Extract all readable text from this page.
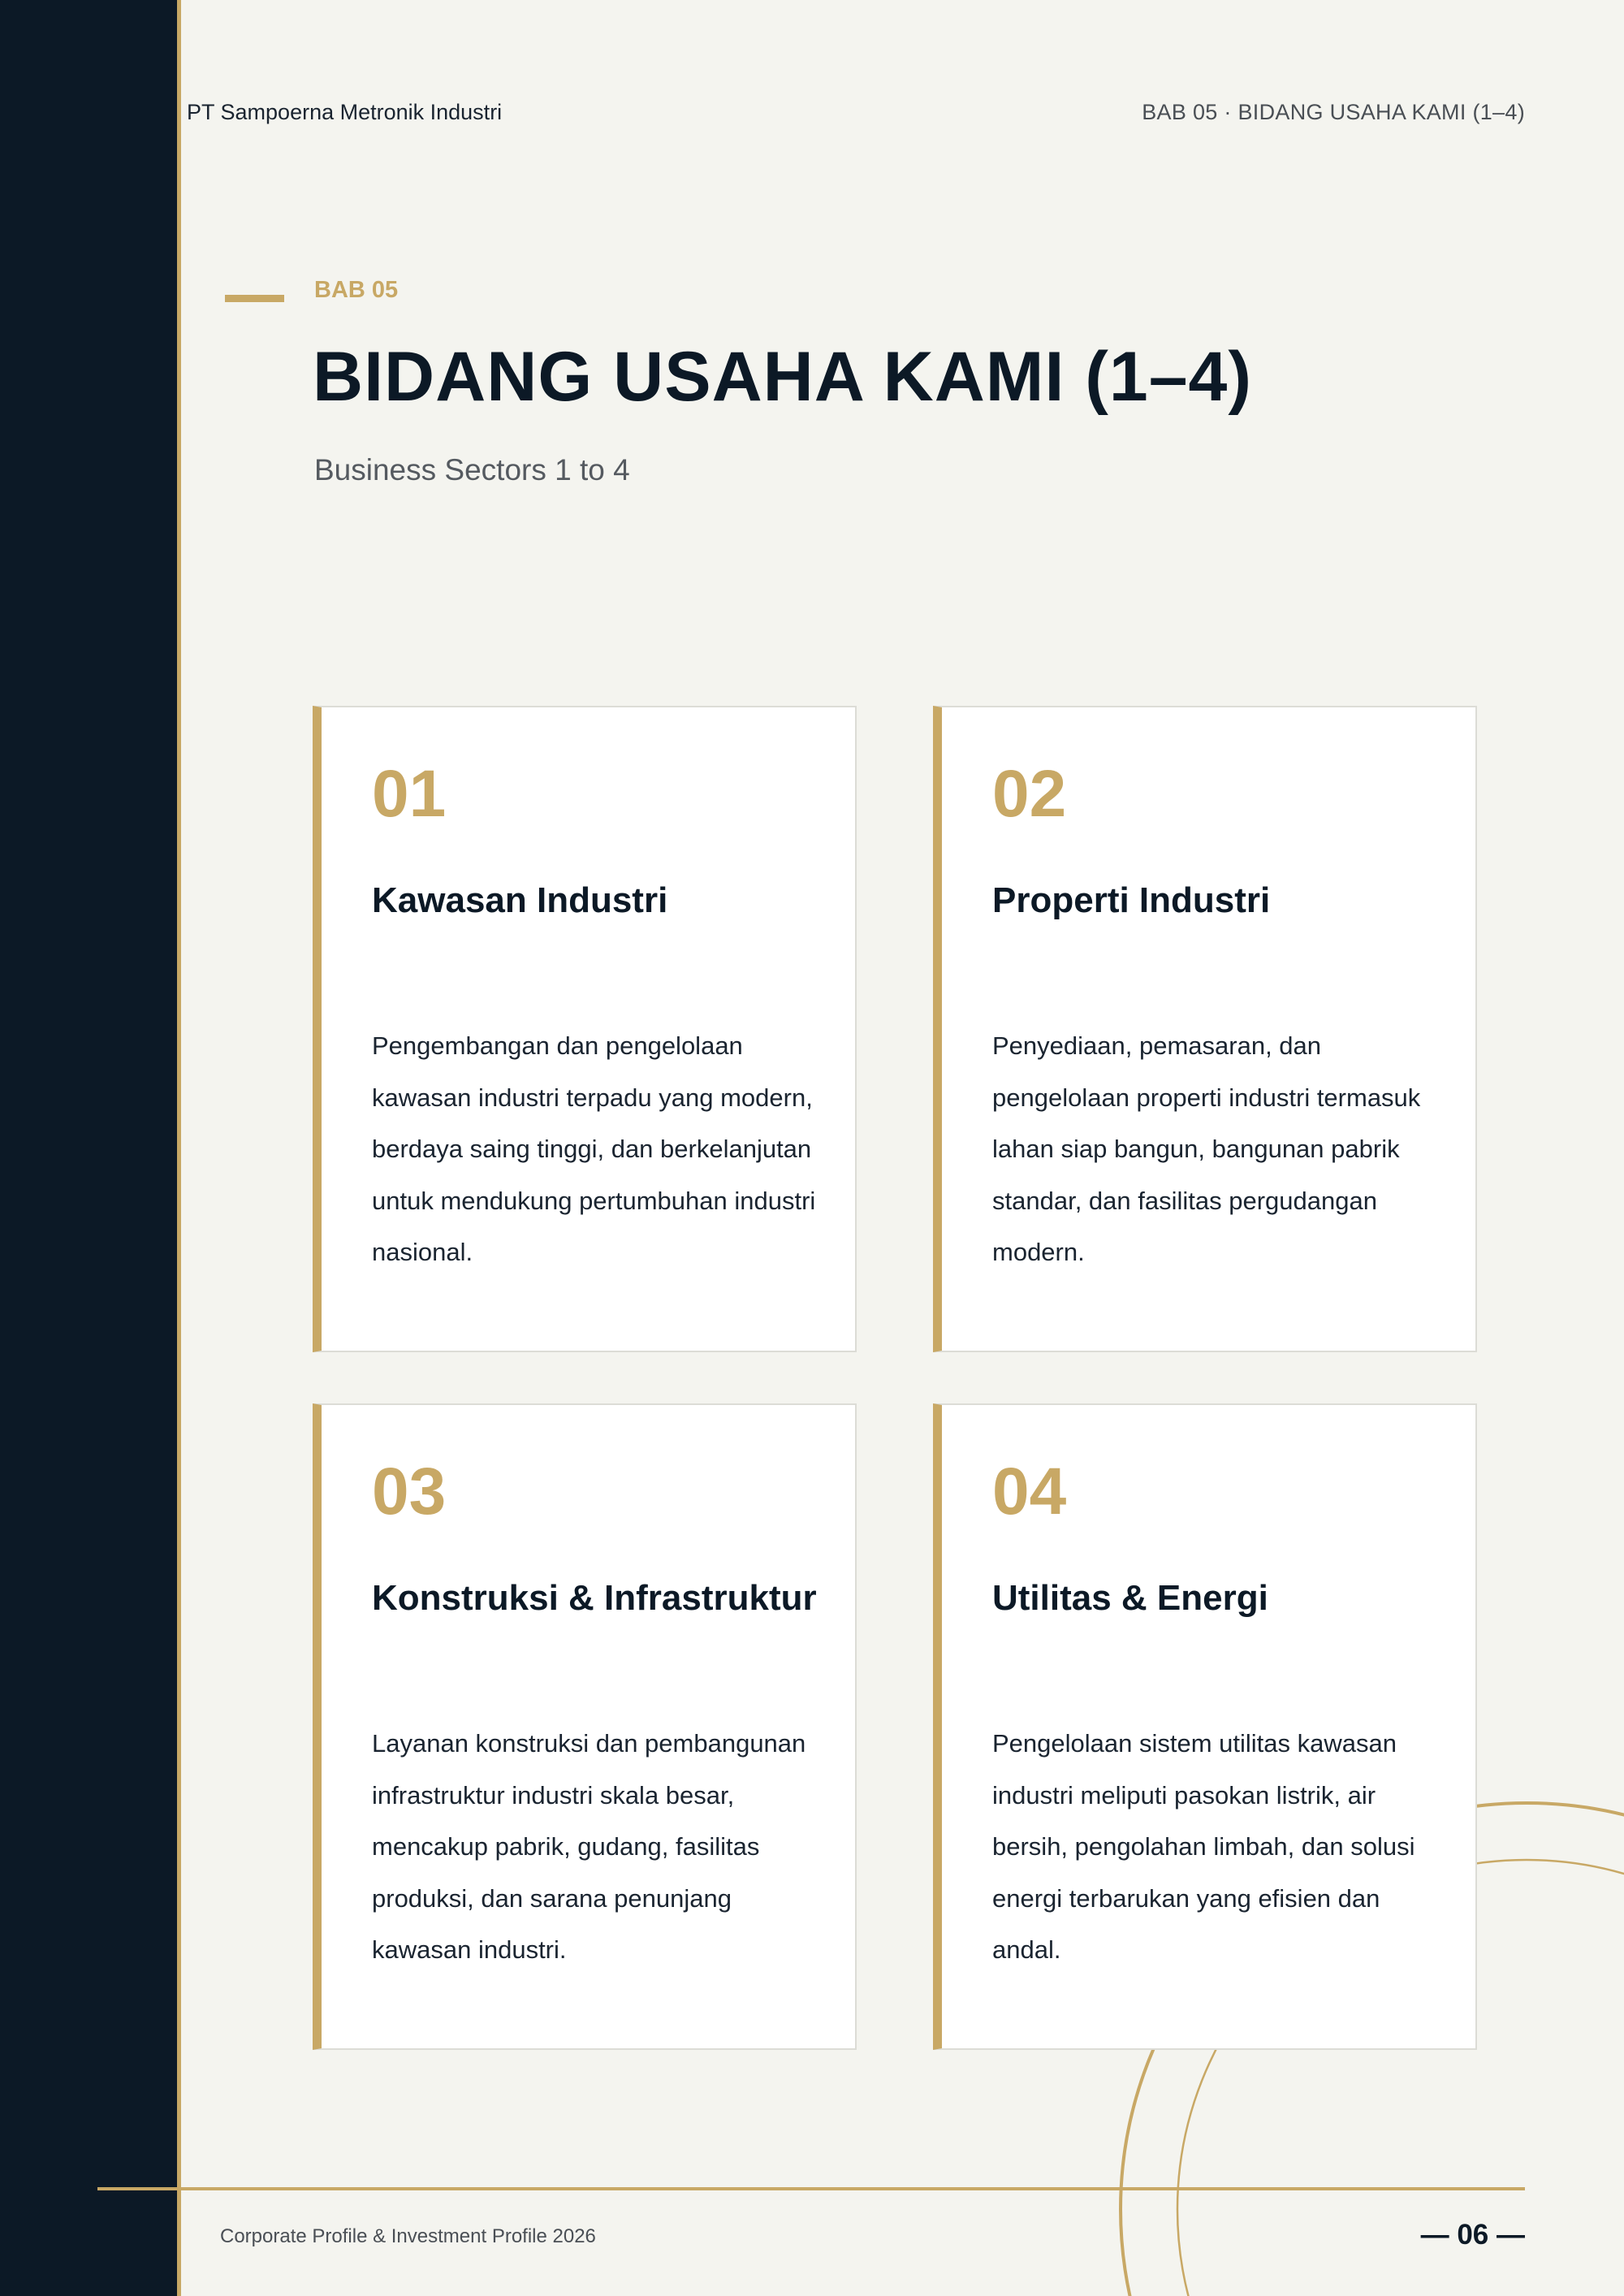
PT Sampoerna Metronik Industri	BAB 05 · BIDANG USAHA KAMI (1–4)
BAB 05
BIDANG USAHA KAMI (1–4)
Business Sectors 1 to 4
01
Kawasan Industri
Pengembangan dan pengelolaan kawasan industri terpadu yang modern, berdaya saing tinggi, dan berkelanjutan untuk mendukung pertumbuhan industri nasional.
02
Properti Industri
Penyediaan, pemasaran, dan pengelolaan properti industri termasuk lahan siap bangun, bangunan pabrik standar, dan fasilitas pergudangan modern.
03
Konstruksi & Infrastruktur
Layanan konstruksi dan pembangunan infrastruktur industri skala besar, mencakup pabrik, gudang, fasilitas produksi, dan sarana penunjang kawasan industri.
04
Utilitas & Energi
Pengelolaan sistem utilitas kawasan industri meliputi pasokan listrik, air bersih, pengolahan limbah, dan solusi energi terbarukan yang efisien dan andal.
Corporate Profile & Investment Profile 2026	— 06 —
